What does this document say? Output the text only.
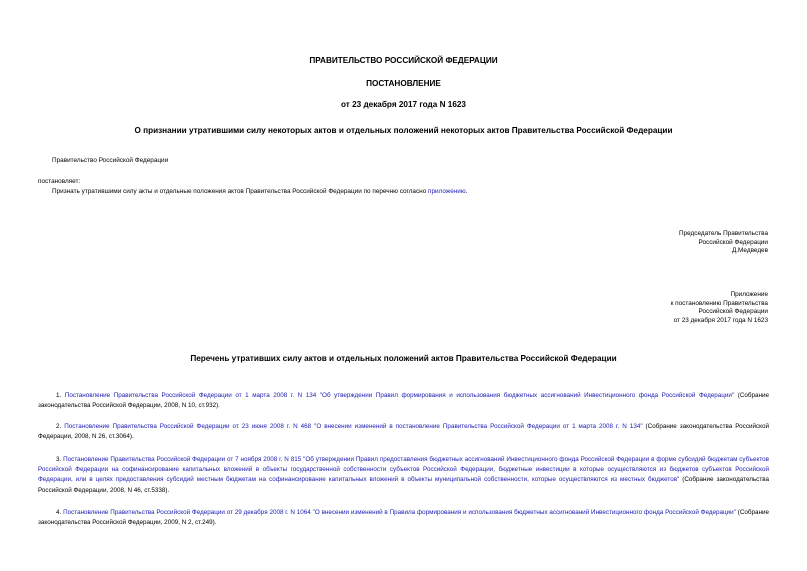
ПРАВИТЕЛЬСТВО РОССИЙСКОЙ ФЕДЕРАЦИИ
ПОСТАНОВЛЕНИЕ
от 23 декабря 2017 года N 1623
О признании утратившими силу некоторых актов и отдельных положений некоторых актов Правительства Российской Федерации
Правительство Российской Федерации
постановляет:
Признать утратившими силу акты и отдельные положения актов Правительства Российской Федерации по перечню согласно приложению.
Председатель Правительства
Российской Федерации
Д.Медведев
Приложение
к постановлению Правительства
Российской Федерации
от 23 декабря 2017 года N 1623
Перечень утративших силу актов и отдельных положений актов Правительства Российской Федерации
1. Постановление Правительства Российской Федерации от 1 марта 2008 г. N 134 "Об утверждении Правил формирования и использования бюджетных ассигнований Инвестиционного фонда Российской Федерации" (Собрание законодательства Российской Федерации, 2008, N 10, ст.932).
2. Постановление Правительства Российской Федерации от 23 июня 2008 г. N 468 "О внесении изменений в постановление Правительства Российской Федерации от 1 марта 2008 г. N 134" (Собрание законодательства Российской Федерации, 2008, N 26, ст.3064).
3. Постановление Правительства Российской Федерации от 7 ноября 2008 г. N 815 "Об утверждении Правил предоставления бюджетных ассигнований Инвестиционного фонда Российской Федерации в форме субсидий бюджетам субъектов Российской Федерации на софинансирование капитальных вложений в объекты государственной собственности субъектов Российской Федерации, бюджетные инвестиции в которые осуществляются из бюджетов субъектов Российской Федерации, или в целях предоставления субсидий местным бюджетам на софинансирование капитальных вложений в объекты муниципальной собственности, которые осуществляются из местных бюджетов" (Собрание законодательства Российской Федерации, 2008, N 46, ст.5338).
4. Постановление Правительства Российской Федерации от 29 декабря 2008 г. N 1064 "О внесении изменений в Правила формирования и использования бюджетных ассигнований Инвестиционного фонда Российской Федерации" (Собрание законодательства Российской Федерации, 2009, N 2, ст.249).
